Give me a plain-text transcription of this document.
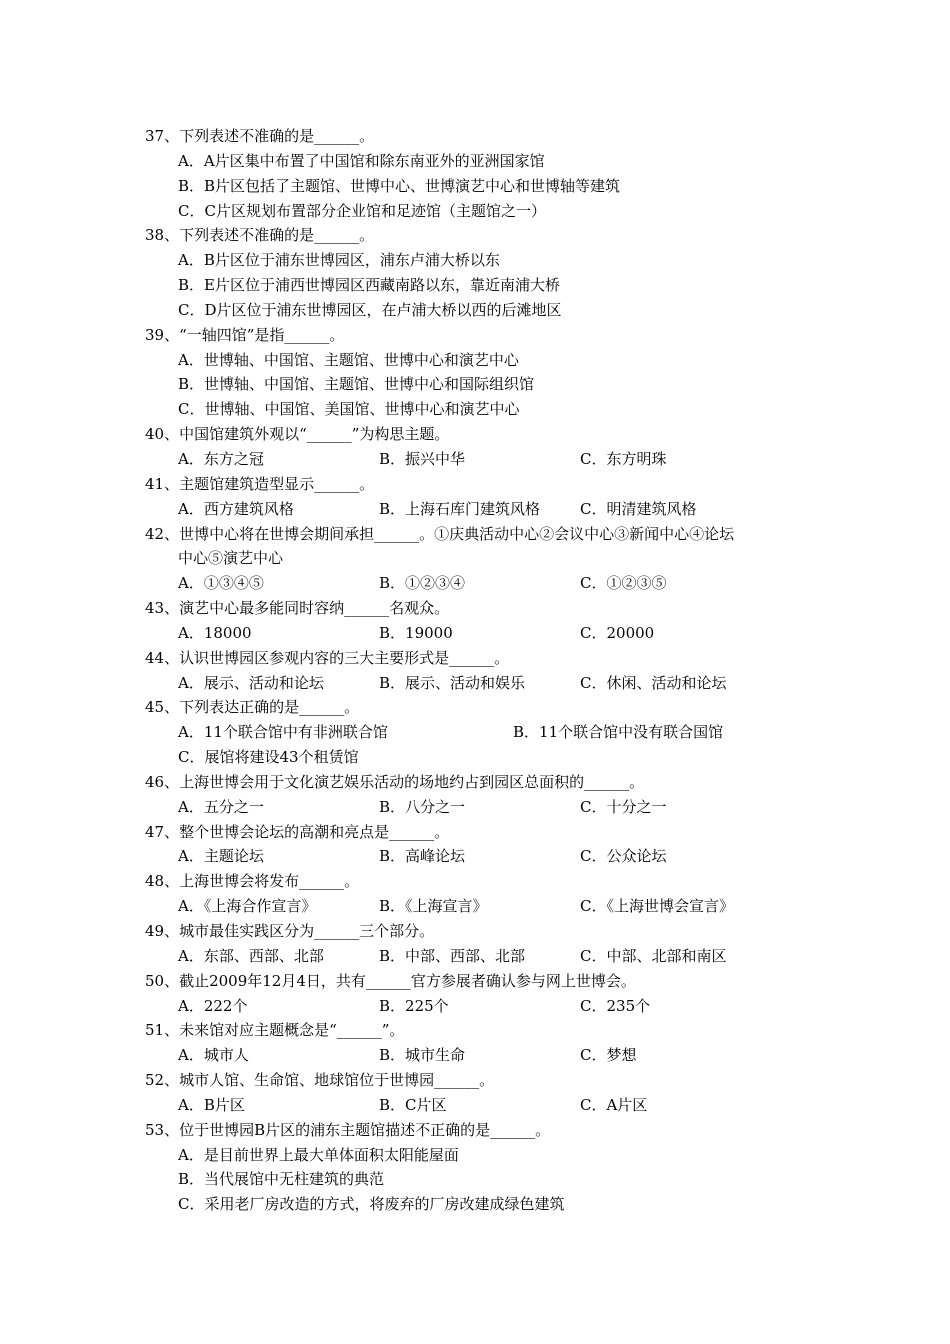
37、下列表述不准确的是______。
A．A片区集中布置了中国馆和除东南亚外的亚洲国家馆
B．B片区包括了主题馆、世博中心、世博演艺中心和世博轴等建筑
C．C片区规划布置部分企业馆和足迹馆（主题馆之一）
38、下列表述不准确的是______。
A．B片区位于浦东世博园区，浦东卢浦大桥以东
B．E片区位于浦西世博园区西藏南路以东，靠近南浦大桥
C．D片区位于浦东世博园区，在卢浦大桥以西的后滩地区
39、“一轴四馆”是指______。
A．世博轴、中国馆、主题馆、世博中心和演艺中心
B．世博轴、中国馆、主题馆、世博中心和国际组织馆
C．世博轴、中国馆、美国馆、世博中心和演艺中心
40、中国馆建筑外观以“______”为构思主题。
A．东方之冠	B．振兴中华	C．东方明珠
41、主题馆建筑造型显示______。
A．西方建筑风格	B．上海石库门建筑风格	C．明清建筑风格
42、世博中心将在世博会期间承担______。①庆典活动中心②会议中心③新闻中心④论坛
中心⑤演艺中心
A．①③④⑤	B．①②③④	C．①②③⑤
43、演艺中心最多能同时容纳______名观众。
A．18000	B．19000	C．20000
44、认识世博园区参观内容的三大主要形式是______。
A．展示、活动和论坛	B．展示、活动和娱乐	C．休闲、活动和论坛
45、下列表达正确的是______。
A．11个联合馆中有非洲联合馆	B．11个联合馆中没有联合国馆
C．展馆将建设43个租赁馆
46、上海世博会用于文化演艺娱乐活动的场地约占到园区总面积的______。
A．五分之一	B．八分之一	C．十分之一
47、整个世博会论坛的高潮和亮点是______。
A．主题论坛	B．高峰论坛	C．公众论坛
48、上海世博会将发布______。
A．《上海合作宣言》	B．《上海宣言》	C．《上海世博会宣言》
49、城市最佳实践区分为______三个部分。
A．东部、西部、北部	B．中部、西部、北部	C．中部、北部和南区
50、截止2009年12月4日，共有______官方参展者确认参与网上世博会。
A．222个	B．225个	C．235个
51、未来馆对应主题概念是“______”。
A．城市人	B．城市生命	C．梦想
52、城市人馆、生命馆、地球馆位于世博园______。
A．B片区	B．C片区	C．A片区
53、位于世博园B片区的浦东主题馆描述不正确的是______。
A．是目前世界上最大单体面积太阳能屋面
B．当代展馆中无柱建筑的典范
C．采用老厂房改造的方式，将废弃的厂房改建成绿色建筑
